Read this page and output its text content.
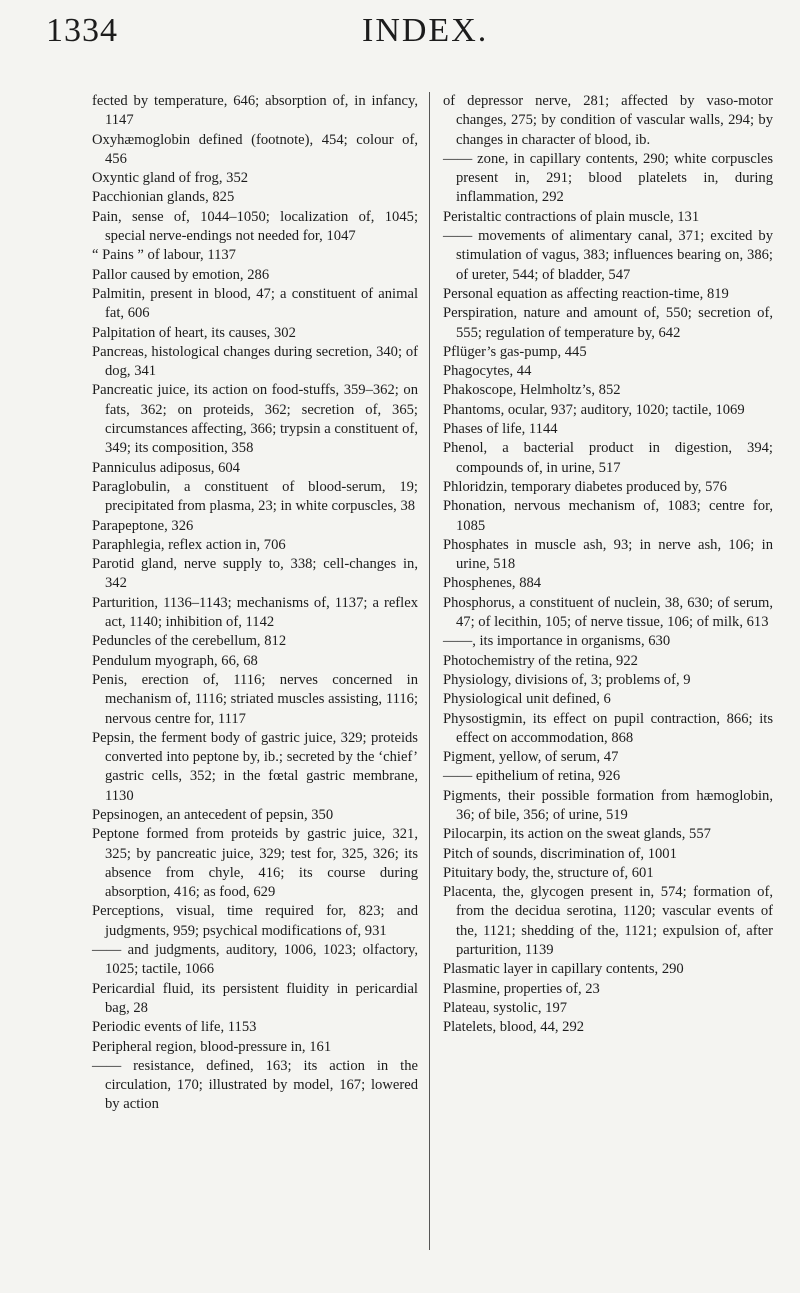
1334	INDEX.
fected by temperature, 646; absorption of, in infancy, 1147
Oxyhæmoglobin defined (footnote), 454; colour of, 456
Oxyntic gland of frog, 352
Pacchionian glands, 825
Pain, sense of, 1044–1050; localization of, 1045; special nerve-endings not needed for, 1047
“ Pains ” of labour, 1137
Pallor caused by emotion, 286
Palmitin, present in blood, 47; a constituent of animal fat, 606
Palpitation of heart, its causes, 302
Pancreas, histological changes during secretion, 340; of dog, 341
Pancreatic juice, its action on food-stuffs, 359–362; on fats, 362; on proteids, 362; secretion of, 365; circumstances affecting, 366; trypsin a constituent of, 349; its composition, 358
Panniculus adiposus, 604
Paraglobulin, a constituent of blood-serum, 19; precipitated from plasma, 23; in white corpuscles, 38
Parapeptone, 326
Paraphlegia, reflex action in, 706
Parotid gland, nerve supply to, 338; cell-changes in, 342
Parturition, 1136–1143; mechanisms of, 1137; a reflex act, 1140; inhibition of, 1142
Peduncles of the cerebellum, 812
Pendulum myograph, 66, 68
Penis, erection of, 1116; nerves concerned in mechanism of, 1116; striated muscles assisting, 1116; nervous centre for, 1117
Pepsin, the ferment body of gastric juice, 329; proteids converted into peptone by, ib.; secreted by the ‘chief’ gastric cells, 352; in the fœtal gastric membrane, 1130
Pepsinogen, an antecedent of pepsin, 350
Peptone formed from proteids by gastric juice, 321, 325; by pancreatic juice, 329; test for, 325, 326; its absence from chyle, 416; its course during absorption, 416; as food, 629
Perceptions, visual, time required for, 823; and judgments, 959; psychical modifications of, 931
—— and judgments, auditory, 1006, 1023; olfactory, 1025; tactile, 1066
Pericardial fluid, its persistent fluidity in pericardial bag, 28
Periodic events of life, 1153
Peripheral region, blood-pressure in, 161
—— resistance, defined, 163; its action in the circulation, 170; illustrated by model, 167; lowered by action
of depressor nerve, 281; affected by vaso-motor changes, 275; by condition of vascular walls, 294; by changes in character of blood, ib.
—— zone, in capillary contents, 290; white corpuscles present in, 291; blood platelets in, during inflammation, 292
Peristaltic contractions of plain muscle, 131
—— movements of alimentary canal, 371; excited by stimulation of vagus, 383; influences bearing on, 386; of ureter, 544; of bladder, 547
Personal equation as affecting reaction-time, 819
Perspiration, nature and amount of, 550; secretion of, 555; regulation of temperature by, 642
Pflüger’s gas-pump, 445
Phagocytes, 44
Phakoscope, Helmholtz’s, 852
Phantoms, ocular, 937; auditory, 1020; tactile, 1069
Phases of life, 1144
Phenol, a bacterial product in digestion, 394; compounds of, in urine, 517
Phloridzin, temporary diabetes produced by, 576
Phonation, nervous mechanism of, 1083; centre for, 1085
Phosphates in muscle ash, 93; in nerve ash, 106; in urine, 518
Phosphenes, 884
Phosphorus, a constituent of nuclein, 38, 630; of serum, 47; of lecithin, 105; of nerve tissue, 106; of milk, 613
——, its importance in organisms, 630
Photochemistry of the retina, 922
Physiology, divisions of, 3; problems of, 9
Physiological unit defined, 6
Physostigmin, its effect on pupil contraction, 866; its effect on accommodation, 868
Pigment, yellow, of serum, 47
—— epithelium of retina, 926
Pigments, their possible formation from hæmoglobin, 36; of bile, 356; of urine, 519
Pilocarpin, its action on the sweat glands, 557
Pitch of sounds, discrimination of, 1001
Pituitary body, the, structure of, 601
Placenta, the, glycogen present in, 574; formation of, from the decidua serotina, 1120; vascular events of the, 1121; shedding of the, 1121; expulsion of, after parturition, 1139
Plasmatic layer in capillary contents, 290
Plasmine, properties of, 23
Plateau, systolic, 197
Platelets, blood, 44, 292
